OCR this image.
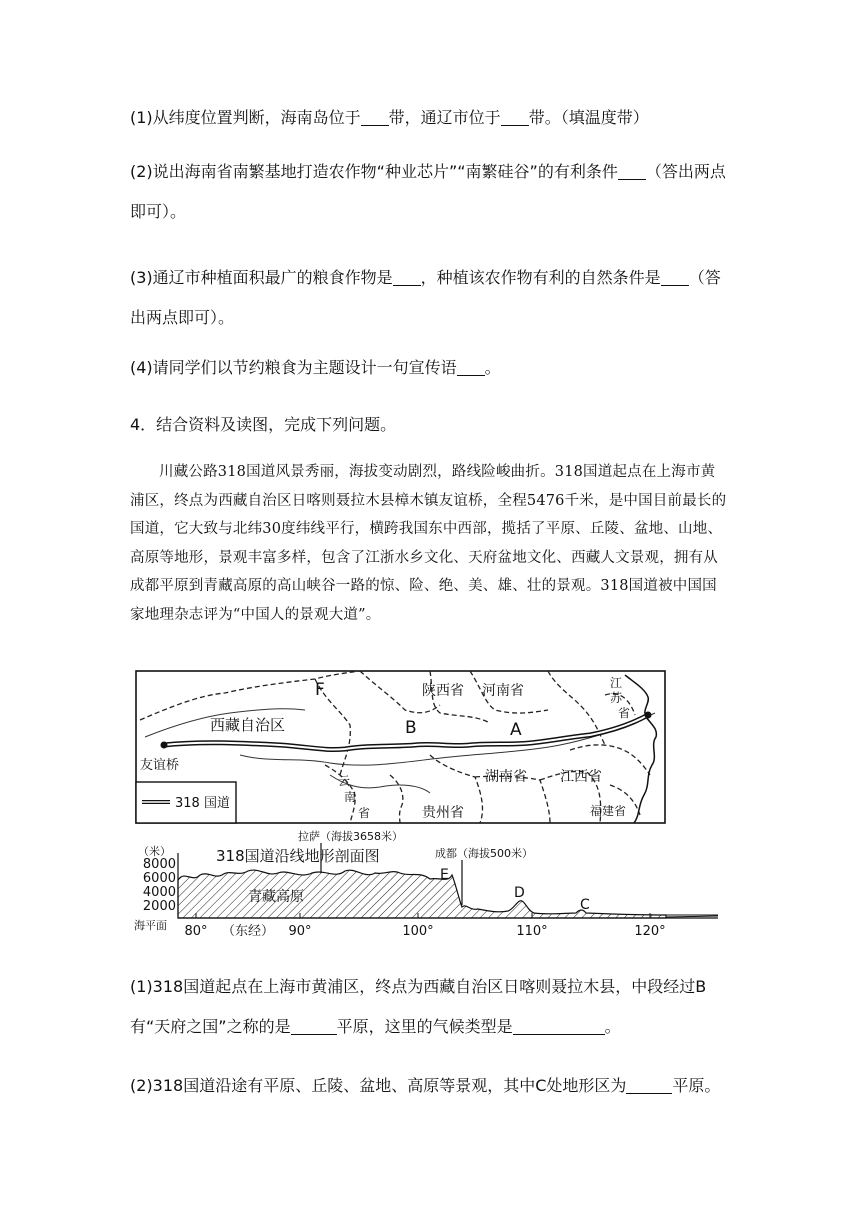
(1)从纬度位置判断，海南岛位于 带，通辽市位于 带。（填温度带）

(2)说出海南省南繁基地打造农作物“种业芯片”“南繁硅谷”的有利条件 （答出两点即可）。

(3)通辽市种植面积最广的粮食作物是 ，种植该农作物有利的自然条件是 （答出两点即可）。

(4)请同学们以节约粮食为主题设计一句宣传语 。

4．结合资料及读图，完成下列问题。

川藏公路318国道风景秀丽，海拔变动剧烈，路线险峻曲折。318国道起点在上海市黄浦区，终点为西藏自治区日喀则聂拉木县樟木镇友谊桥，全程5476千米，是中国目前最长的国道，它大致与北纬30度纬线平行，横跨我国东中西部，揽括了平原、丘陵、盆地、山地、高原等地形，景观丰富多样，包含了江浙水乡文化、天府盆地文化、西藏人文景观，拥有从成都平原到青藏高原的高山峡谷一路的惊、险、绝、美、雄、壮的景观。318国道被中国国家地理杂志评为“中国人的景观大道”。

F
B	A
陕西省 河南省
西藏自治区
友谊桥
湖南省 江西省
福建省
贵州省
江
苏
省
云
南
省
318 国道
（米）
8000
6000
4000
2000
海平面
318国道沿线地形剖面图
拉萨（海拔3658米）
成都（海拔500米）
青藏高原
E
D
C
80°	90°	100°	110°	120°
（东经）

(1)318国道起点在上海市黄浦区，终点为西藏自治区日喀则聂拉木县，中段经过B有“天府之国”之称的是	平原，这里的气候类型是	。

(2)318国道沿途有平原、丘陵、盆地、高原等景观，其中C处地形区为	平原。
